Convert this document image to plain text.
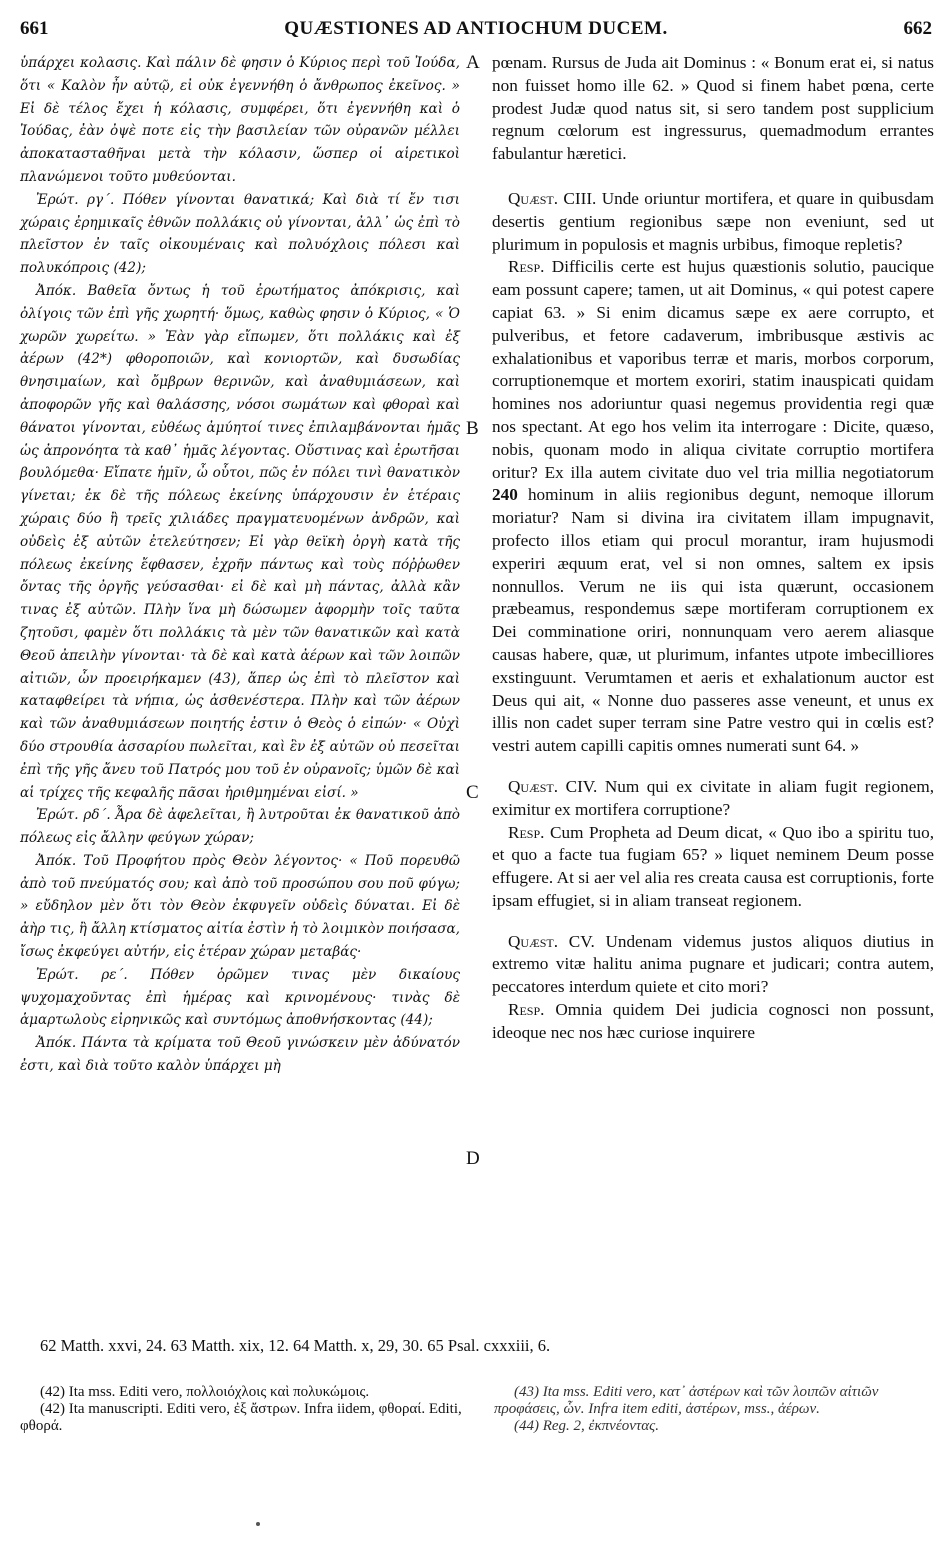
661	QUÆSTIONES AD ANTIOCHUM DUCEM.	662

ὑπάρχει κολασις. Καὶ πάλιν δὲ φησιν ὁ Κύριος περὶ τοῦ Ἰούδα, ὅτι « Καλὸν ἦν αὐτῷ, εἰ οὐκ ἐγεννήθη ὁ ἄνθρωπος ἐκεῖνος. » Εἰ δὲ τέλος ἔχει ἡ κόλασις, συμφέρει, ὅτι ἐγεννήθη καὶ ὁ Ἰούδας, ἐὰν ὀψὲ ποτε εἰς τὴν βασιλείαν τῶν οὐρανῶν μέλλει ἀποκατασταθῆναι μετὰ τὴν κόλασιν, ὥσπερ οἱ αἱρετικοὶ πλανώμενοι τοῦτο μυθεύονται.

Ἐρώτ. ργ΄. Πόθεν γίνονται θανατικά; Καὶ διὰ τί ἔν τισι χώραις ἐρημικαῖς ἐθνῶν πολλάκις οὐ γίνονται, ἀλλ᾽ ὡς ἐπὶ τὸ πλεῖστον ἐν ταῖς οἰκουμέναις καὶ πολυόχλοις πόλεσι καὶ πολυκόπροις (42);

Ἀπόκ. Βαθεῖα ὄντως ἡ τοῦ ἐρωτήματος ἀπόκρισις, καὶ ὀλίγοις τῶν ἐπὶ γῆς χωρητή· ὅμως, καθὼς φησιν ὁ Κύριος, « Ὁ χωρῶν χωρείτω. » Ἐὰν γὰρ εἴπωμεν, ὅτι πολλάκις καὶ ἐξ ἀέρων (42*) φθοροποιῶν, καὶ κονιορτῶν, καὶ δυσωδίας θνησιμαίων, καὶ ὄμβρων θερινῶν, καὶ ἀναθυμιάσεων, καὶ ἀποφορῶν γῆς καὶ θαλάσσης, νόσοι σωμάτων καὶ φθοραὶ καὶ θάνατοι γίνονται, εὐθέως ἀμύητοί τινες ἐπιλαμβάνονται ἡμᾶς ὡς ἀπρονόητα τὰ καθ᾽ ἡμᾶς λέγοντας. Οὕστινας καὶ ἐρωτῆσαι βουλόμεθα· Εἴπατε ἡμῖν, ὦ οὗτοι, πῶς ἐν πόλει τινὶ θανατικὸν γίνεται; ἐκ δὲ τῆς πόλεως ἐκείνης ὑπάρχουσιν ἐν ἑτέραις χώραις δύο ἢ τρεῖς χιλιάδες πραγματευομένων ἀνδρῶν, καὶ οὐδεὶς ἐξ αὐτῶν ἐτελεύτησεν; Εἰ γὰρ θεϊκὴ ὀργὴ κατὰ τῆς πόλεως ἐκείνης ἔφθασεν, ἐχρῆν πάντως καὶ τοὺς πόῤῥωθεν ὄντας τῆς ὀργῆς γεύσασθαι· εἰ δὲ καὶ μὴ πάντας, ἀλλὰ κἂν τινας ἐξ αὐτῶν. Πλὴν ἵνα μὴ δώσωμεν ἀφορμὴν τοῖς ταῦτα ζητοῦσι, φαμὲν ὅτι πολλάκις τὰ μὲν τῶν θανατικῶν καὶ κατὰ Θεοῦ ἀπειλὴν γίνονται· τὰ δὲ καὶ κατὰ ἀέρων καὶ τῶν λοιπῶν αἰτιῶν, ὧν προειρήκαμεν (43), ἅπερ ὡς ἐπὶ τὸ πλεῖστον καὶ καταφθείρει τὰ νήπια, ὡς ἀσθενέστερα. Πλὴν καὶ τῶν ἀέρων καὶ τῶν ἀναθυμιάσεων ποιητής ἐστιν ὁ Θεὸς ὁ εἰπών· « Οὐχὶ δύο στρουθία ἀσσαρίου πωλεῖται, καὶ ἓν ἐξ αὐτῶν οὐ πεσεῖται ἐπὶ τῆς γῆς ἄνευ τοῦ Πατρός μου τοῦ ἐν οὐρανοῖς; ὑμῶν δὲ καὶ αἱ τρίχες τῆς κεφαλῆς πᾶσαι ἠριθμημέναι εἰσί. »

Ἐρώτ. ρδ΄. Ἆρα δὲ ἀφελεῖται, ἢ λυτροῦται ἐκ θανατικοῦ ἀπὸ πόλεως εἰς ἄλλην φεύγων χώραν;

Ἀπόκ. Τοῦ Προφήτου πρὸς Θεὸν λέγοντος· « Ποῦ πορευθῶ ἀπὸ τοῦ πνεύματός σου; καὶ ἀπὸ τοῦ προσώπου σου ποῦ φύγω; » εὔδηλον μὲν ὅτι τὸν Θεὸν ἐκφυγεῖν οὐδεὶς δύναται. Εἰ δὲ ἀὴρ τις, ἢ ἄλλη κτίσματος αἰτία ἐστὶν ἡ τὸ λοιμικὸν ποιήσασα, ἴσως ἐκφεύγει αὐτήν, εἰς ἑτέραν χώραν μεταβάς·

Ἐρώτ. ρε΄. Πόθεν ὁρῶμεν τινας μὲν δικαίους ψυχομαχοῦντας ἐπὶ ἡμέρας καὶ κρινομένους· τινὰς δὲ ἁμαρτωλοὺς εἰρηνικῶς καὶ συντόμως ἀποθνήσκοντας (44);

Ἀπόκ. Πάντα τὰ κρίματα τοῦ Θεοῦ γινώσκειν μὲν ἀδύνατόν ἐστι, καὶ διὰ τοῦτο καλὸν ὑπάρχει μὴ

A
B
C
D

pœnam. Rursus de Juda ait Dominus : « Bonum erat ei, si natus non fuisset homo ille 62. » Quod si finem habet pœna, certe prodest Judæ quod natus sit, si sero tandem post supplicium regnum cœlorum est ingressurus, quemadmodum errantes fabulantur hæretici.

Quæst. CIII. Unde oriuntur mortifera, et quare in quibusdam desertis gentium regionibus sæpe non eveniunt, sed ut plurimum in populosis et magnis urbibus, fimoque repletis?

Resp. Difficilis certe est hujus quæstionis solutio, paucique eam possunt capere; tamen, ut ait Dominus, « qui potest capere capiat 63. » Si enim dicamus sæpe ex aere corrupto, et pulveribus, et fetore cadaverum, imbribusque æstivis ac exhalationibus et vaporibus terræ et maris, morbos corporum, corruptionemque et mortem exoriri, statim inauspicati quidam homines nos adoriuntur quasi negemus providentia regi quæ nos spectant. At ego hos velim ita interrogare : Dicite, quæso, nobis, quonam modo in aliqua civitate corruptio mortifera oritur? Ex illa autem civitate duo vel tria millia negotiatorum 240 hominum in aliis regionibus degunt, nemoque illorum moriatur? Nam si divina ira civitatem illam impugnavit, profecto illos etiam qui procul morantur, iram hujusmodi experiri æquum erat, vel si non omnes, saltem ex ipsis nonnullos. Verum ne iis qui ista quærunt, occasionem præbeamus, respondemus sæpe mortiferam corruptionem ex Dei comminatione oriri, nonnunquam vero aerem aliasque causas habere, quæ, ut plurimum, infantes utpote imbecilliores exstinguunt. Verumtamen et aeris et exhalationum auctor est Deus qui ait, « Nonne duo passeres asse veneunt, et unus ex illis non cadet super terram sine Patre vestro qui in cœlis est? vestri autem capilli capitis omnes numerati sunt 64. »

Quæst. CIV. Num qui ex civitate in aliam fugit regionem, eximitur ex mortifera corruptione?

Resp. Cum Propheta ad Deum dicat, « Quo ibo a spiritu tuo, et quo a facte tua fugiam 65? » liquet neminem Deum posse effugere. At si aer vel alia res creata causa est corruptionis, forte ipsam effugiet, si in aliam transeat regionem.

Quæst. CV. Undenam videmus justos aliquos diutius in extremo vitæ halitu anima pugnare et judicari; contra autem, peccatores interdum quiete et cito mori?

Resp. Omnia quidem Dei judicia cognosci non possunt, ideoque nec nos hæc curiose inquirere

62 Matth. xxvi, 24. 63 Matth. xix, 12. 64 Matth. x, 29, 30. 65 Psal. cxxxiii, 6.

(42) Ita mss. Editi vero, πολλοιόχλοις καὶ πολυκώμοις.

(42) Ita manuscripti. Editi vero, ἐξ ἄστρων. Infra iidem, φθοραί. Editi, φθορά.

(43) Ita mss. Editi vero, κατ᾽ ἀστέρων καὶ τῶν λοιπῶν αἰτιῶν προφάσεις, ὧν. Infra item editi, ἀστέρων, mss., ἀέρων.

(44) Reg. 2, ἐκπνέοντας.
